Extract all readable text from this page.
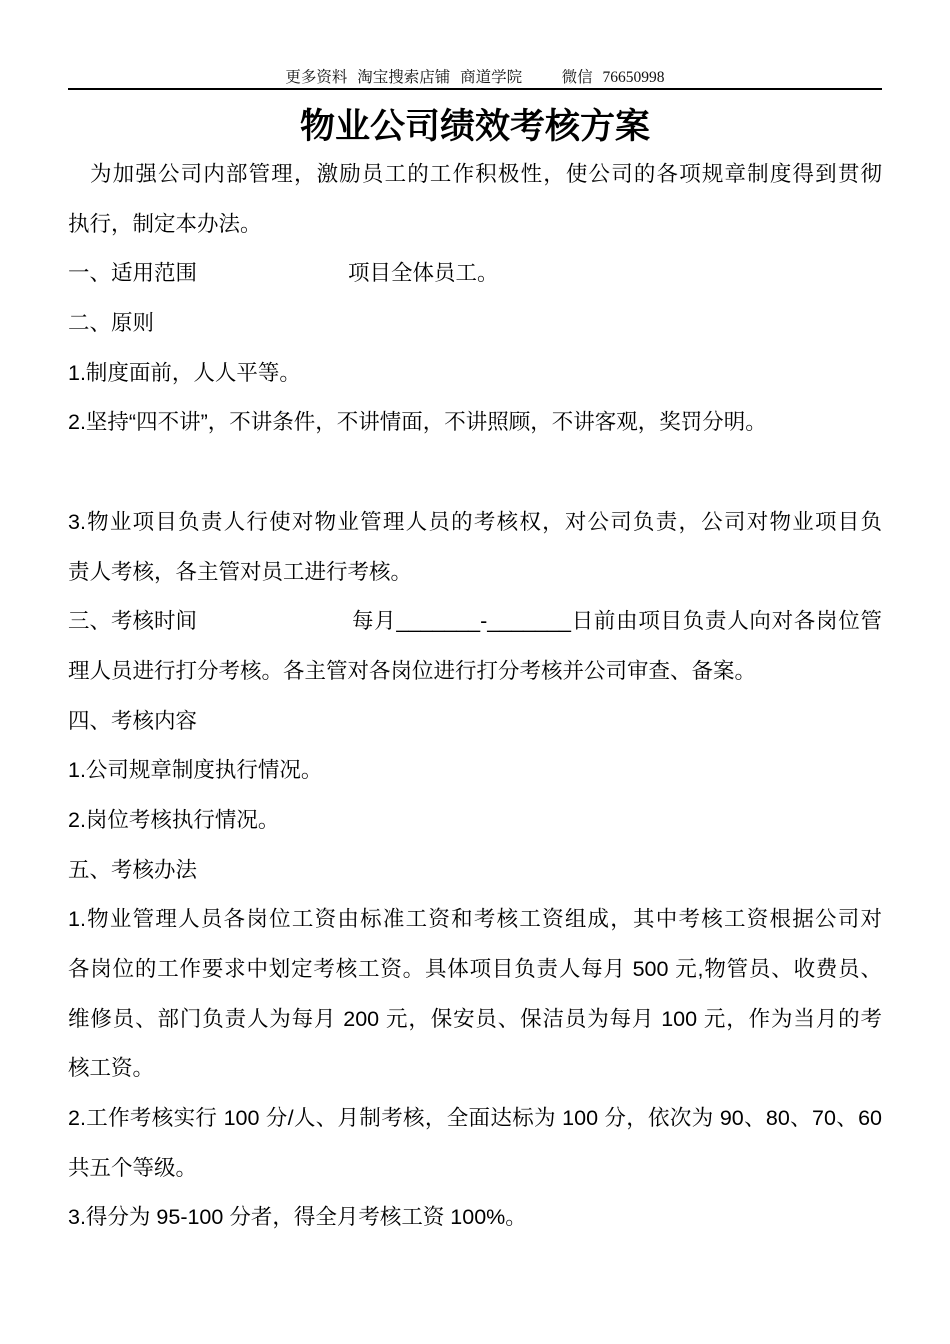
更多资料 淘宝搜索店铺 商道学院    微信 76650998
物业公司绩效考核方案
为加强公司内部管理，激励员工的工作积极性，使公司的各项规章制度得到贯彻
执行，制定本办法。
一、适用范围	项目全体员工。
二、原则
1.制度面前，人人平等。
2.坚持“四不讲”，不讲条件，不讲情面，不讲照顾，不讲客观，奖罚分明。
3.物业项目负责人行使对物业管理人员的考核权，对公司负责，公司对物业项目负
责人考核，各主管对员工进行考核。
三、考核时间	每月_______-_______日前由项目负责人向对各岗位管
理人员进行打分考核。各主管对各岗位进行打分考核并公司审查、备案。
四、考核内容
1.公司规章制度执行情况。
2.岗位考核执行情况。
五、考核办法
1.物业管理人员各岗位工资由标准工资和考核工资组成，其中考核工资根据公司对
各岗位的工作要求中划定考核工资。具体项目负责人每月 500 元,物管员、收费员、
维修员、部门负责人为每月 200 元，保安员、保洁员为每月 100 元，作为当月的考
核工资。
2.工作考核实行 100 分/人、月制考核，全面达标为 100 分，依次为 90、80、70、60
共五个等级。
3.得分为 95-100 分者，得全月考核工资 100%。
